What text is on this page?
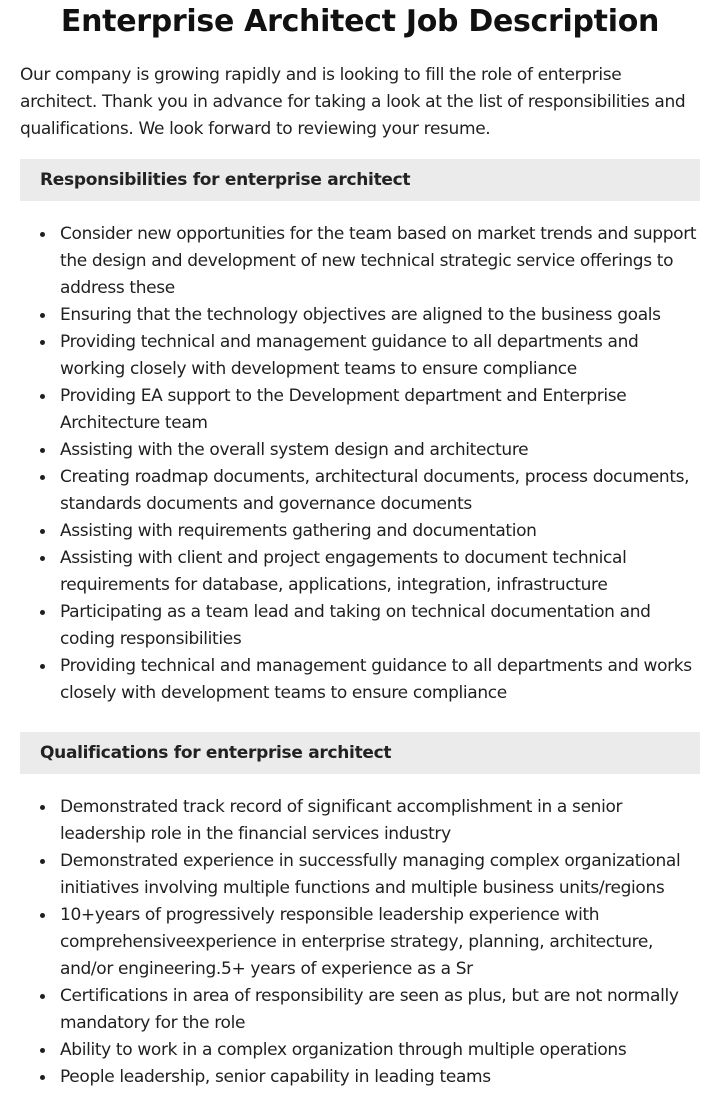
Enterprise Architect Job Description

Our company is growing rapidly and is looking to fill the role of enterprise architect. Thank you in advance for taking a look at the list of responsibilities and qualifications. We look forward to reviewing your resume.

Responsibilities for enterprise architect
Consider new opportunities for the team based on market trends and support the design and development of new technical strategic service offerings to address these
Ensuring that the technology objectives are aligned to the business goals
Providing technical and management guidance to all departments and working closely with development teams to ensure compliance
Providing EA support to the Development department and Enterprise Architecture team
Assisting with the overall system design and architecture
Creating roadmap documents, architectural documents, process documents, standards documents and governance documents
Assisting with requirements gathering and documentation
Assisting with client and project engagements to document technical requirements for database, applications, integration, infrastructure
Participating as a team lead and taking on technical documentation and coding responsibilities
Providing technical and management guidance to all departments and works closely with development teams to ensure compliance
Qualifications for enterprise architect
Demonstrated track record of significant accomplishment in a senior leadership role in the financial services industry
Demonstrated experience in successfully managing complex organizational initiatives involving multiple functions and multiple business units/regions
10+years of progressively responsible leadership experience with comprehensiveexperience in enterprise strategy, planning, architecture, and/or engineering.5+ years of experience as a Sr
Certifications in area of responsibility are seen as plus, but are not normally mandatory for the role
Ability to work in a complex organization through multiple operations
People leadership, senior capability in leading teams
